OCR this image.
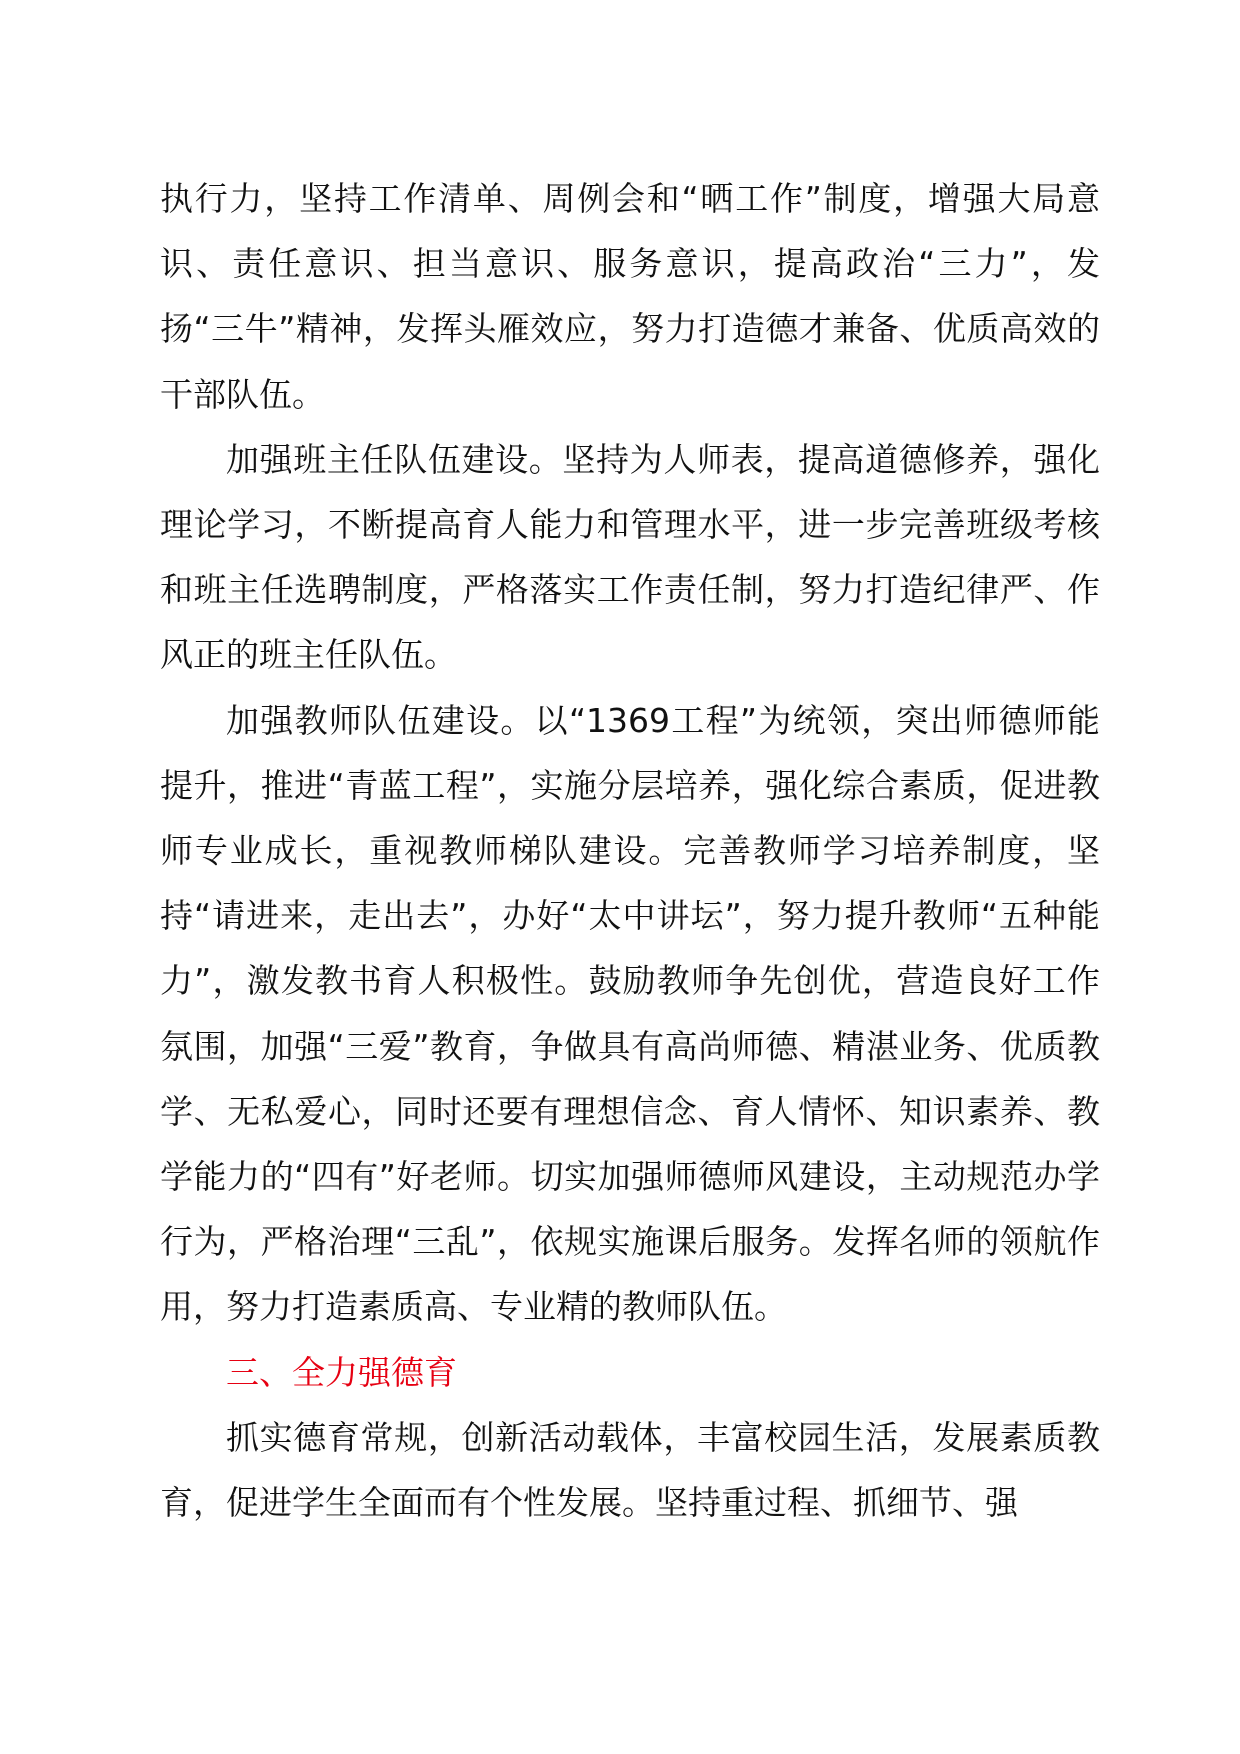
执行力，坚持工作清单、周例会和“晒工作”制度，增强大局意识、责任意识、担当意识、服务意识，提高政治“三力”，发扬“三牛”精神，发挥头雁效应，努力打造德才兼备、优质高效的干部队伍。

加强班主任队伍建设。坚持为人师表，提高道德修养，强化理论学习，不断提高育人能力和管理水平，进一步完善班级考核和班主任选聘制度，严格落实工作责任制，努力打造纪律严、作风正的班主任队伍。

加强教师队伍建设。以“1369工程”为统领，突出师德师能提升，推进“青蓝工程”，实施分层培养，强化综合素质，促进教师专业成长，重视教师梯队建设。完善教师学习培养制度，坚持“请进来，走出去”，办好“太中讲坛”，努力提升教师“五种能力”，激发教书育人积极性。鼓励教师争先创优，营造良好工作氛围，加强“三爱”教育，争做具有高尚师德、精湛业务、优质教学、无私爱心，同时还要有理想信念、育人情怀、知识素养、教学能力的“四有”好老师。切实加强师德师风建设，主动规范办学行为，严格治理“三乱”，依规实施课后服务。发挥名师的领航作用，努力打造素质高、专业精的教师队伍。

三、全力强德育

抓实德育常规，创新活动载体，丰富校园生活，发展素质教育，促进学生全面而有个性发展。坚持重过程、抓细节、强
